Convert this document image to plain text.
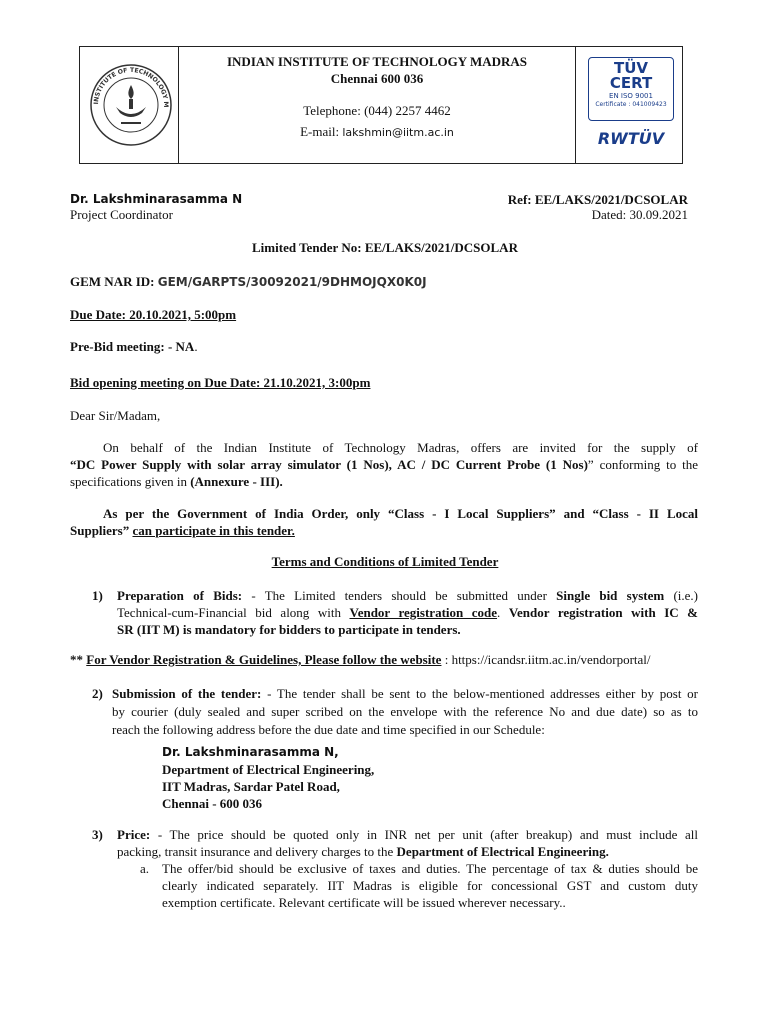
INSTITUTE OF TECHNOLOGY M
INDIAN INSTITUTE OF TECHNOLOGY MADRAS
Chennai 600 036
Telephone: (044) 2257 4462
E-mail: lakshmin@iitm.ac.in
TÜV
CERT
EN ISO 9001
Certificate : 041009423
RWTÜV
Dr. Lakshminarasamma N
Project Coordinator
Ref: EE/LAKS/2021/DCSOLAR
Dated: 30.09.2021
Limited Tender No: EE/LAKS/2021/DCSOLAR
GEM NAR ID: GEM/GARPTS/30092021/9DHMOJQX0K0J
Due Date: 20.10.2021, 5:00pm
Pre-Bid meeting: - NA.
Bid opening meeting on Due Date: 21.10.2021, 3:00pm
Dear Sir/Madam,
On behalf of the Indian Institute of Technology Madras, offers are invited for the supply of
“DC Power Supply with solar array simulator (1 Nos), AC / DC Current Probe (1 Nos)” conforming to the
specifications given in (Annexure - III).
As per the Government of India Order, only “Class - I Local Suppliers” and “Class - II Local
Suppliers” can participate in this tender.
Terms and Conditions of Limited Tender
1) Preparation of Bids: - The Limited tenders should be submitted under Single bid system (i.e.)
Technical-cum-Financial bid along with Vendor registration code. Vendor registration with IC &
SR (IIT M) is mandatory for bidders to participate in tenders.
** For Vendor Registration & Guidelines, Please follow the website : https://icandsr.iitm.ac.in/vendorportal/
2) Submission of the tender: - The tender shall be sent to the below-mentioned addresses either by post or
by courier (duly sealed and super scribed on the envelope with the reference No and due date) so as to
reach the following address before the due date and time specified in our Schedule:
Dr. Lakshminarasamma N,
Department of Electrical Engineering,
IIT Madras, Sardar Patel Road,
Chennai - 600 036
3) Price: - The price should be quoted only in INR net per unit (after breakup) and must include all
packing, transit insurance and delivery charges to the Department of Electrical Engineering.
a. The offer/bid should be exclusive of taxes and duties. The percentage of tax & duties should be
clearly indicated separately. IIT Madras is eligible for concessional GST and custom duty
exemption certificate. Relevant certificate will be issued wherever necessary..
